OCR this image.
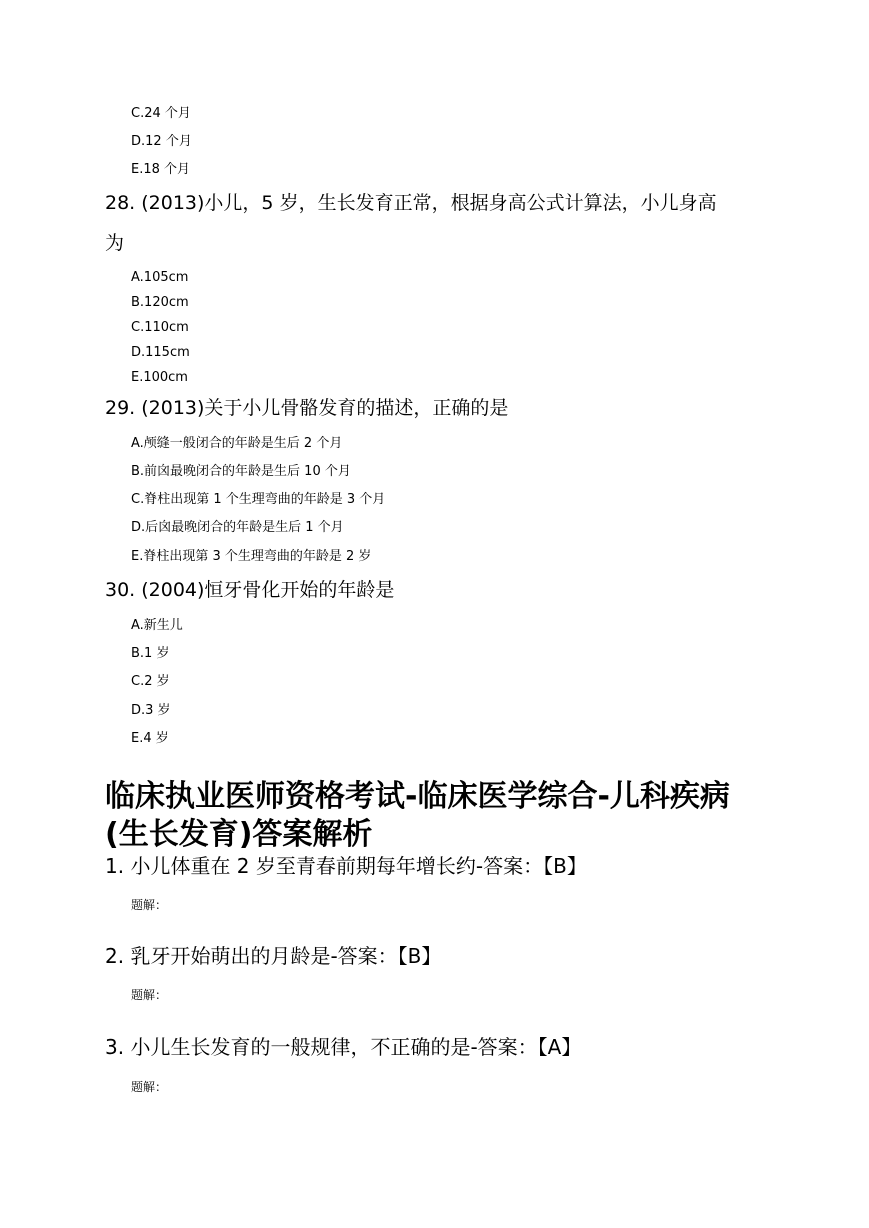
C.24 个月
D.12 个月
E.18 个月
28. (2013)小儿，5 岁，生长发育正常，根据身高公式计算法，小儿身高
为
A.105cm
B.120cm
C.110cm
D.115cm
E.100cm
29. (2013)关于小儿骨骼发育的描述，正确的是
A.颅缝一般闭合的年龄是生后 2 个月
B.前囟最晚闭合的年龄是生后 10 个月
C.脊柱出现第 1 个生理弯曲的年龄是 3 个月
D.后囟最晚闭合的年龄是生后 1 个月
E.脊柱出现第 3 个生理弯曲的年龄是 2 岁
30. (2004)恒牙骨化开始的年龄是
A.新生儿
B.1 岁
C.2 岁
D.3 岁
E.4 岁
临床执业医师资格考试-临床医学综合-儿科疾病(生长发育)答案解析
1. 小儿体重在 2 岁至青春前期每年增长约-答案：【B】
题解：
2. 乳牙开始萌出的月龄是-答案：【B】
题解：
3. 小儿生长发育的一般规律，不正确的是-答案：【A】
题解：
